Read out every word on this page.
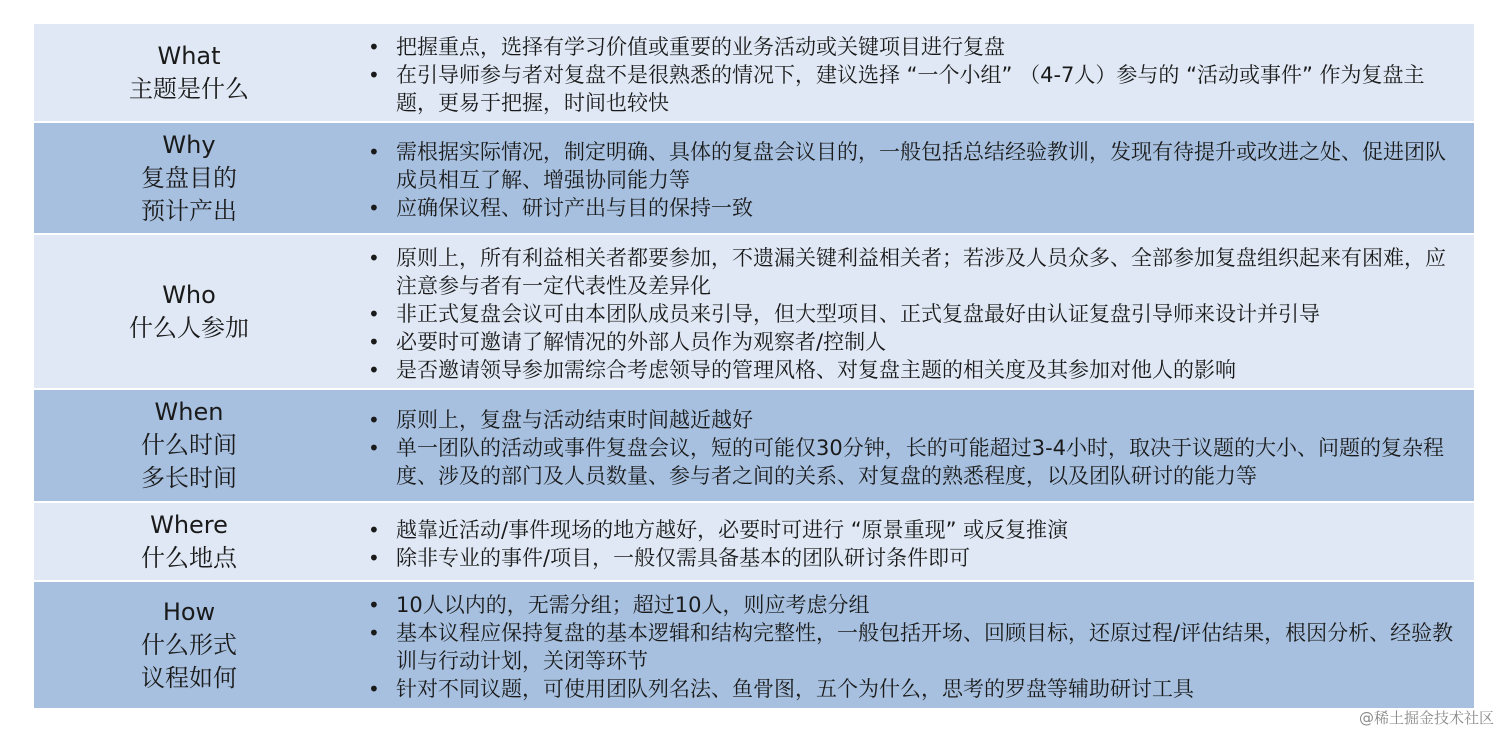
What
主题是什么
• 把握重点，选择有学习价值或重要的业务活动或关键项目进行复盘
• 在引导师参与者对复盘不是很熟悉的情况下，建议选择 “一个小组” （4-7人）参与的 “活动或事件” 作为复盘主题，更易于把握，时间也较快
Why
复盘目的
预计产出
• 需根据实际情况，制定明确、具体的复盘会议目的，一般包括总结经验教训，发现有待提升或改进之处、促进团队成员相互了解、增强协同能力等
• 应确保议程、研讨产出与目的保持一致
Who
什么人参加
• 原则上，所有利益相关者都要参加，不遗漏关键利益相关者；若涉及人员众多、全部参加复盘组织起来有困难，应注意参与者有一定代表性及差异化
• 非正式复盘会议可由本团队成员来引导，但大型项目、正式复盘最好由认证复盘引导师来设计并引导
• 必要时可邀请了解情况的外部人员作为观察者/控制人
• 是否邀请领导参加需综合考虑领导的管理风格、对复盘主题的相关度及其参加对他人的影响
When
什么时间
多长时间
• 原则上，复盘与活动结束时间越近越好
• 单一团队的活动或事件复盘会议，短的可能仅30分钟，长的可能超过3-4小时，取决于议题的大小、问题的复杂程度、涉及的部门及人员数量、参与者之间的关系、对复盘的熟悉程度，以及团队研讨的能力等
Where
什么地点
• 越靠近活动/事件现场的地方越好，必要时可进行 “原景重现” 或反复推演
• 除非专业的事件/项目，一般仅需具备基本的团队研讨条件即可
How
什么形式
议程如何
• 10人以内的，无需分组；超过10人，则应考虑分组
• 基本议程应保持复盘的基本逻辑和结构完整性，一般包括开场、回顾目标，还原过程/评估结果，根因分析、经验教训与行动计划，关闭等环节
• 针对不同议题，可使用团队列名法、鱼骨图，五个为什么，思考的罗盘等辅助研讨工具
@稀土掘金技术社区
